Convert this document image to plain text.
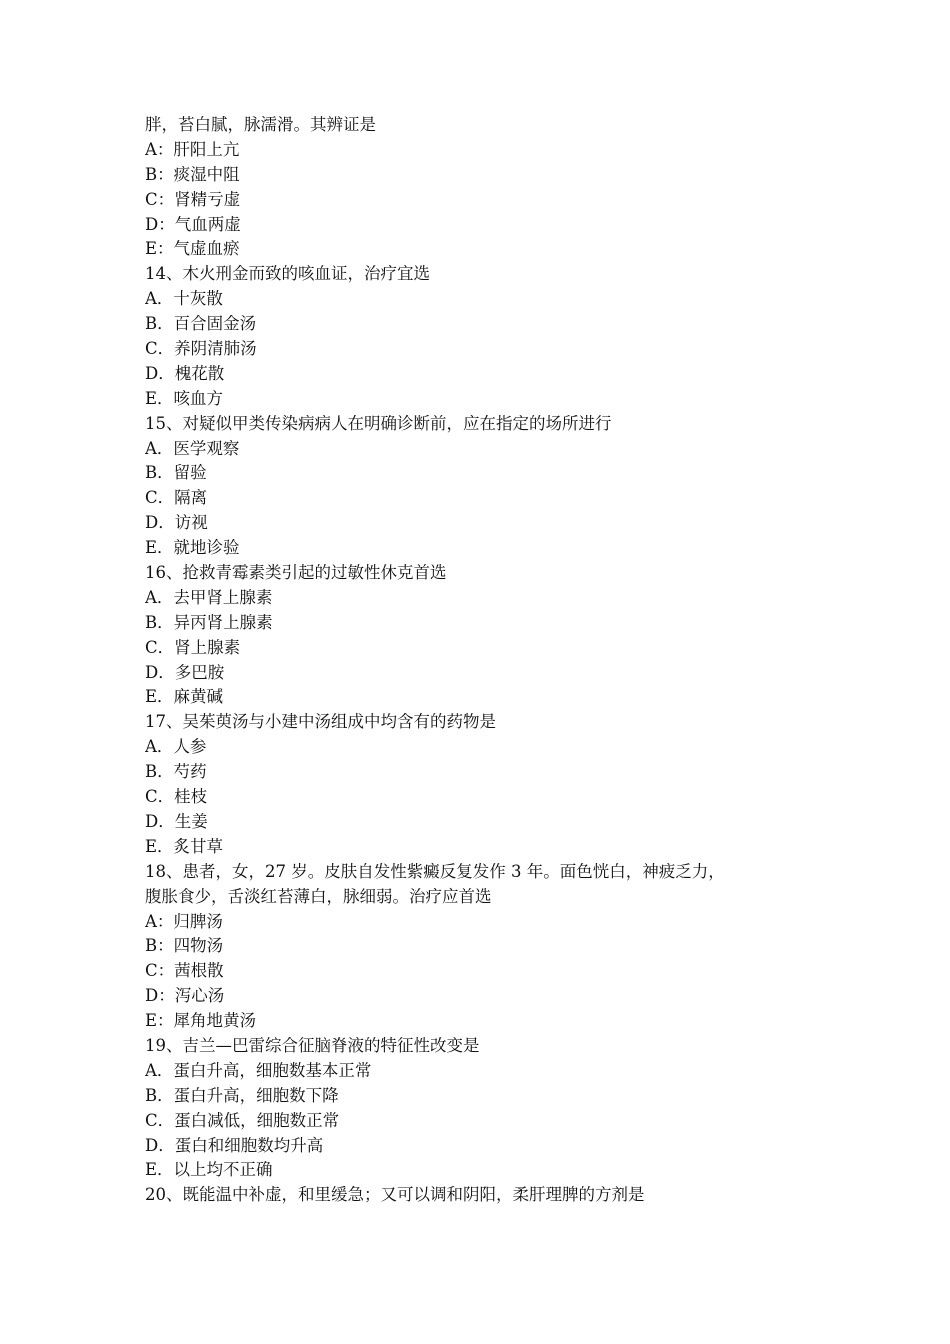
胖，苔白腻，脉濡滑。其辨证是
A：肝阳上亢
B：痰湿中阻
C：肾精亏虚
D：气血两虚
E：气虚血瘀
14、木火刑金而致的咳血证，治疗宜选
A．十灰散
B．百合固金汤
C．养阴清肺汤
D．槐花散
E．咳血方
15、对疑似甲类传染病病人在明确诊断前，应在指定的场所进行
A．医学观察
B．留验
C．隔离
D．访视
E．就地诊验
16、抢救青霉素类引起的过敏性休克首选
A．去甲肾上腺素
B．异丙肾上腺素
C．肾上腺素
D．多巴胺
E．麻黄碱
17、吴茱萸汤与小建中汤组成中均含有的药物是
A．人参
B．芍药
C．桂枝
D．生姜
E．炙甘草
18、患者，女，27 岁。皮肤自发性紫癜反复发作 3 年。面色恍白，神疲乏力，
腹胀食少，舌淡红苔薄白，脉细弱。治疗应首选
A：归脾汤
B：四物汤
C：茜根散
D：泻心汤
E：犀角地黄汤
19、吉兰—巴雷综合征脑脊液的特征性改变是
A．蛋白升高，细胞数基本正常
B．蛋白升高，细胞数下降
C．蛋白减低，细胞数正常
D．蛋白和细胞数均升高
E．以上均不正确
20、既能温中补虚，和里缓急；又可以调和阴阳，柔肝理脾的方剂是
